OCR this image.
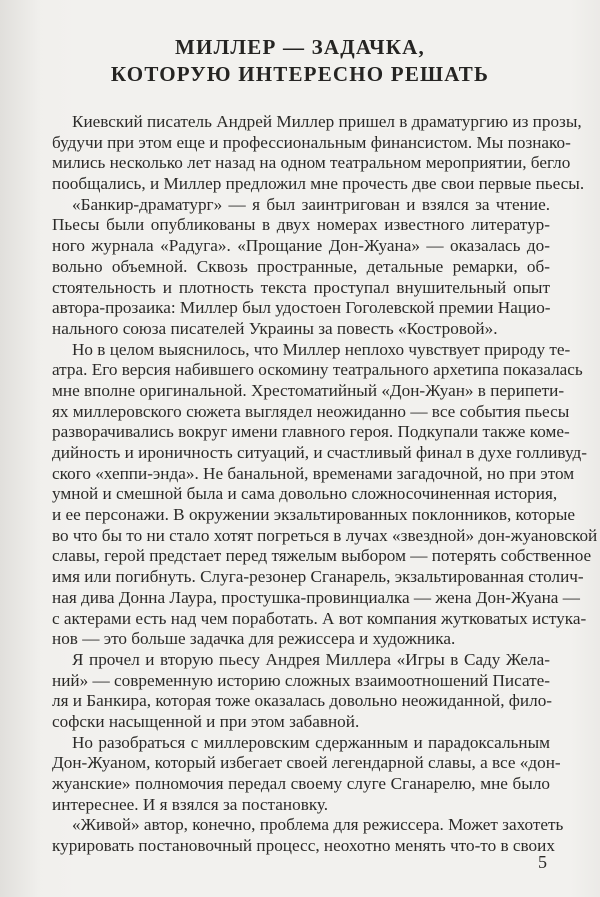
МИЛЛЕР — ЗАДАЧКА,
КОТОРУЮ ИНТЕРЕСНО РЕШАТЬ
Киевский писатель Андрей Миллер пришел в драматургию из прозы,
будучи при этом еще и профессиональным финансистом. Мы познако-
мились несколько лет назад на одном театральном мероприятии, бегло
пообщались, и Миллер предложил мне прочесть две свои первые пьесы.
«Банкир-драматург» — я был заинтригован и взялся за чтение.
Пьесы были опубликованы в двух номерах известного литератур-
ного журнала «Радуга». «Прощание Дон-Жуана» — оказалась до-
вольно объемной. Сквозь пространные, детальные ремарки, об-
стоятельность и плотность текста проступал внушительный опыт
автора-прозаика: Миллер был удостоен Гоголевской премии Нацио-
нального союза писателей Украины за повесть «Костровой».
Но в целом выяснилось, что Миллер неплохо чувствует природу те-
атра. Его версия набившего оскомину театрального архетипа показалась
мне вполне оригинальной. Хрестоматийный «Дон-Жуан» в перипети-
ях миллеровского сюжета выглядел неожиданно — все события пьесы
разворачивались вокруг имени главного героя. Подкупали также коме-
дийность и ироничность ситуаций, и счастливый финал в духе голливуд-
ского «хеппи-энда». Не банальной, временами загадочной, но при этом
умной и смешной была и сама довольно сложносочиненная история,
и ее персонажи. В окружении экзальтированных поклонников, которые
во что бы то ни стало хотят погреться в лучах «звездной» дон-жуановской
славы, герой предстает перед тяжелым выбором — потерять собственное
имя или погибнуть. Слуга-резонер Сганарель, экзальтированная столич-
ная дива Донна Лаура, простушка-провинциалка — жена Дон-Жуана —
с актерами есть над чем поработать. А вот компания жутковатых истука-
нов — это больше задачка для режиссера и художника.
Я прочел и вторую пьесу Андрея Миллера «Игры в Саду Жела-
ний» — современную историю сложных взаимоотношений Писате-
ля и Банкира, которая тоже оказалась довольно неожиданной, фило-
софски насыщенной и при этом забавной.
Но разобраться с миллеровским сдержанным и парадоксальным
Дон-Жуаном, который избегает своей легендарной славы, а все «дон-
жуанские» полномочия передал своему слуге Сганарелю, мне было
интереснее. И я взялся за постановку.
«Живой» автор, конечно, проблема для режиссера. Может захотеть
курировать постановочный процесс, неохотно менять что-то в своих
5
